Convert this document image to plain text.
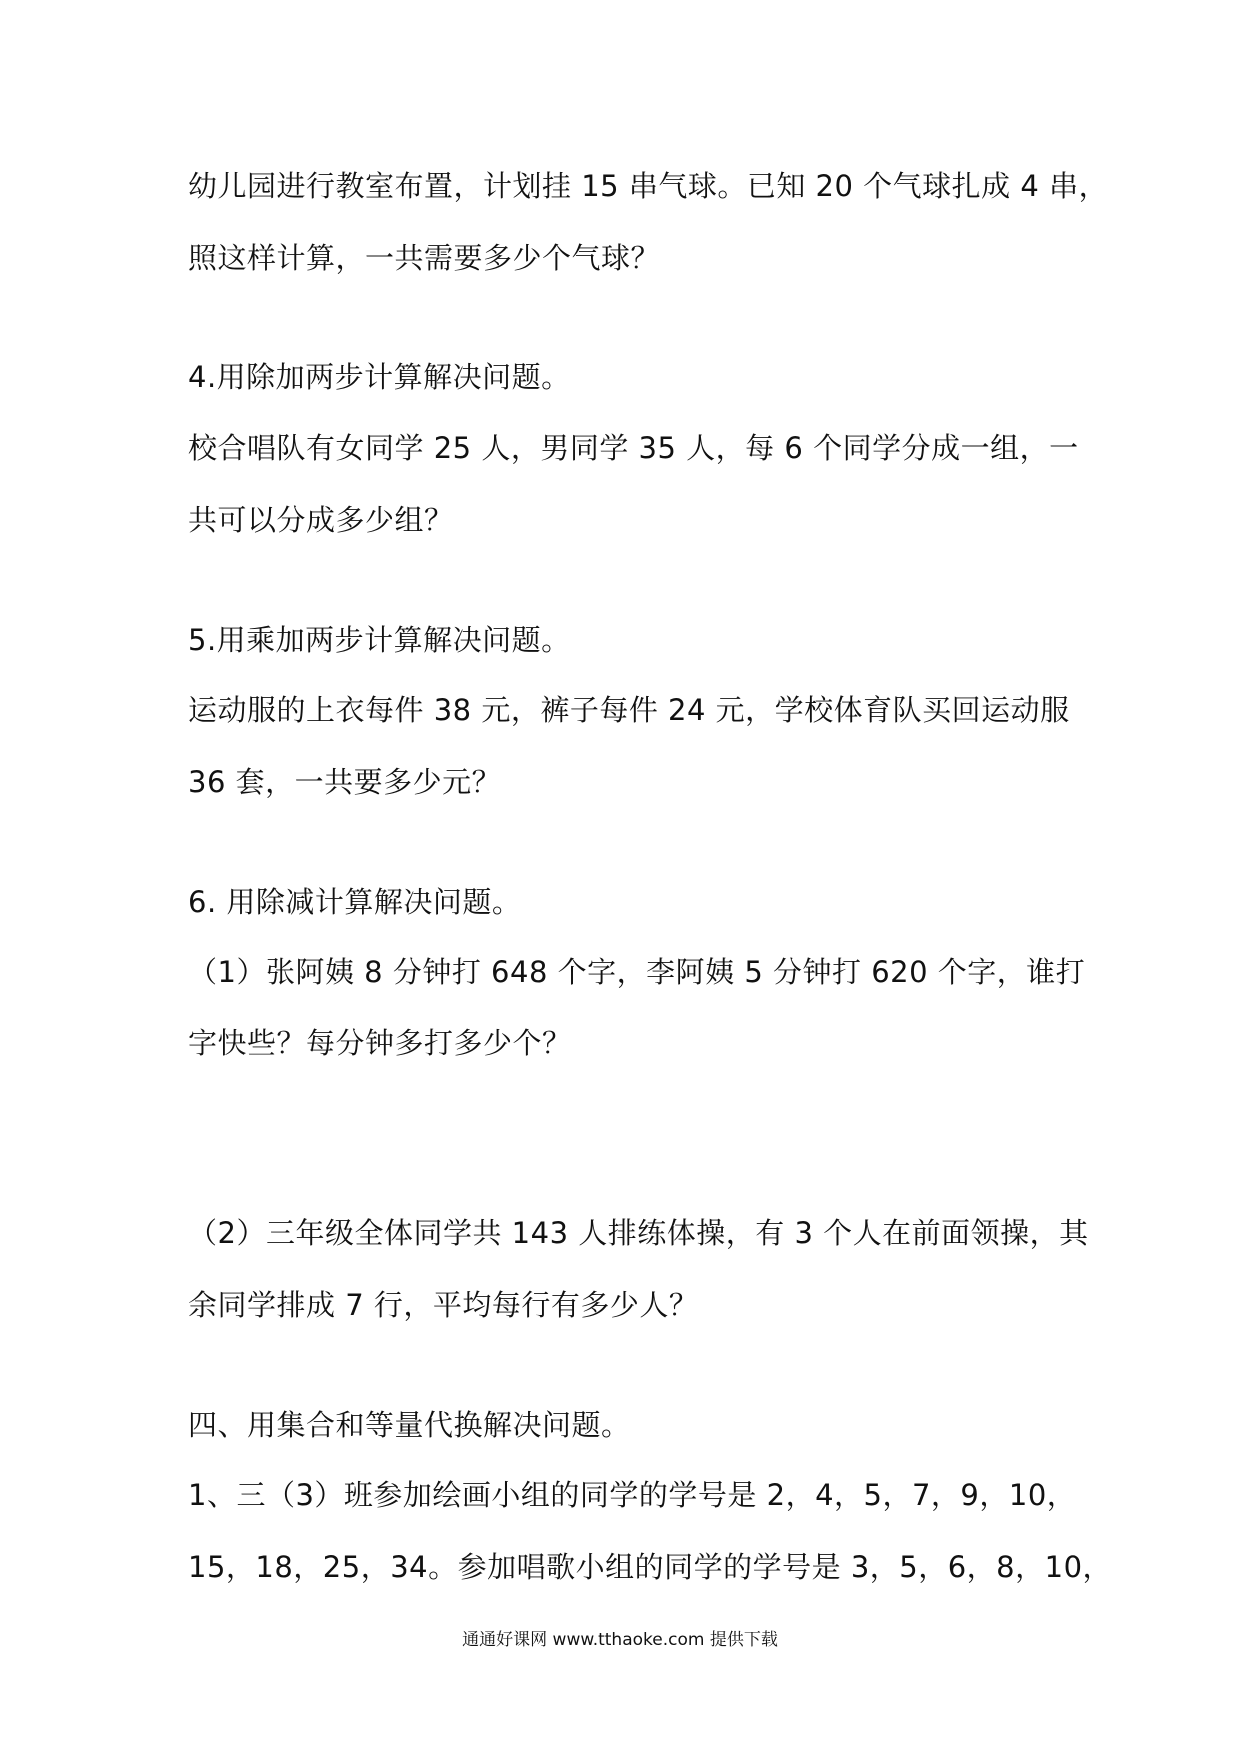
幼儿园进行教室布置，计划挂 15 串气球。已知 20 个气球扎成 4 串，
照这样计算，一共需要多少个气球？
4.用除加两步计算解决问题。
校合唱队有女同学 25 人，男同学 35 人，每 6 个同学分成一组，一
共可以分成多少组？
5.用乘加两步计算解决问题。
运动服的上衣每件 38 元，裤子每件 24 元，学校体育队买回运动服
36 套，一共要多少元？
6. 用除减计算解决问题。
（1）张阿姨 8 分钟打 648 个字，李阿姨 5 分钟打 620 个字，谁打
字快些？每分钟多打多少个？
（2）三年级全体同学共 143 人排练体操，有 3 个人在前面领操，其
余同学排成 7 行，平均每行有多少人？
四、用集合和等量代换解决问题。
1、三（3）班参加绘画小组的同学的学号是 2，4，5，7，9，10，
15，18，25，34。参加唱歌小组的同学的学号是 3，5，6，8，10，
通通好课网 www.tthaoke.com 提供下载
